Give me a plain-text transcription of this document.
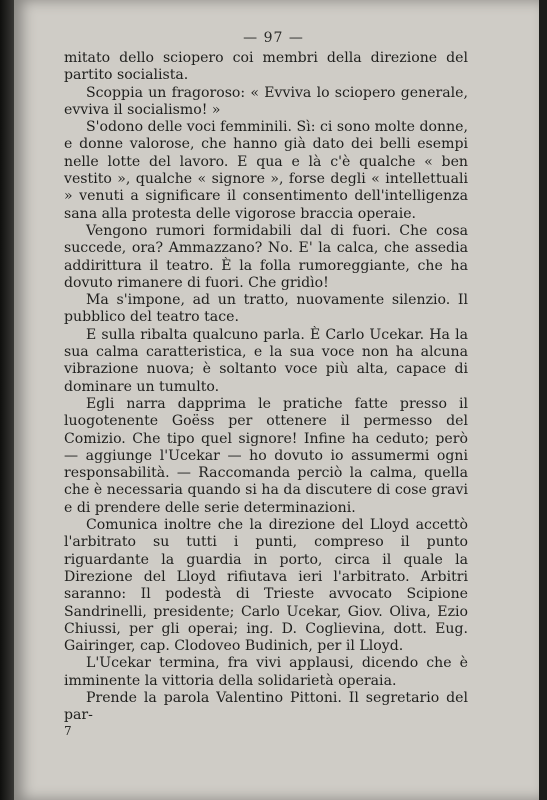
— 97 —

mitato dello sciopero coi membri della direzione del partito socialista.

Scoppia un fragoroso: « Evviva lo sciopero generale, evviva il socialismo! »

S'odono delle voci femminili. Sì: ci sono molte donne, e donne valorose, che hanno già dato dei belli esempi nelle lotte del lavoro. E qua e là c'è qualche « ben vestito », qualche « signore », forse degli « intellettuali » venuti a significare il consentimento dell'intelligenza sana alla protesta delle vigorose braccia operaie.

Vengono rumori formidabili dal di fuori. Che cosa succede, ora? Ammazzano? No. E' la calca, che assedia addirittura il teatro. È la folla rumoreggiante, che ha dovuto rimanere di fuori. Che gridìo!

Ma s'impone, ad un tratto, nuovamente silenzio. Il pubblico del teatro tace.

E sulla ribalta qualcuno parla. È Carlo Ucekar. Ha la sua calma caratteristica, e la sua voce non ha alcuna vibrazione nuova; è soltanto voce più alta, capace di dominare un tumulto.

Egli narra dapprima le pratiche fatte presso il luogotenente Goëss per ottenere il permesso del Comizio. Che tipo quel signore! Infine ha ceduto; però — aggiunge l'Ucekar — ho dovuto io assumermi ogni responsabilità. — Raccomanda perciò la calma, quella che è necessaria quando si ha da discutere di cose gravi e di prendere delle serie determinazioni.

Comunica inoltre che la direzione del Lloyd accettò l'arbitrato su tutti i punti, compreso il punto riguardante la guardia in porto, circa il quale la Direzione del Lloyd rifiutava ieri l'arbitrato. Arbitri saranno: Il podestà di Trieste avvocato Scipione Sandrinelli, presidente; Carlo Ucekar, Giov. Oliva, Ezio Chiussi, per gli operai; ing. D. Coglievina, dott. Eug. Gairinger, cap. Clodoveo Budinich, per il Lloyd.

L'Ucekar termina, fra vivi applausi, dicendo che è imminente la vittoria della solidarietà operaia.

Prende la parola Valentino Pittoni. Il segretario del par-

7
